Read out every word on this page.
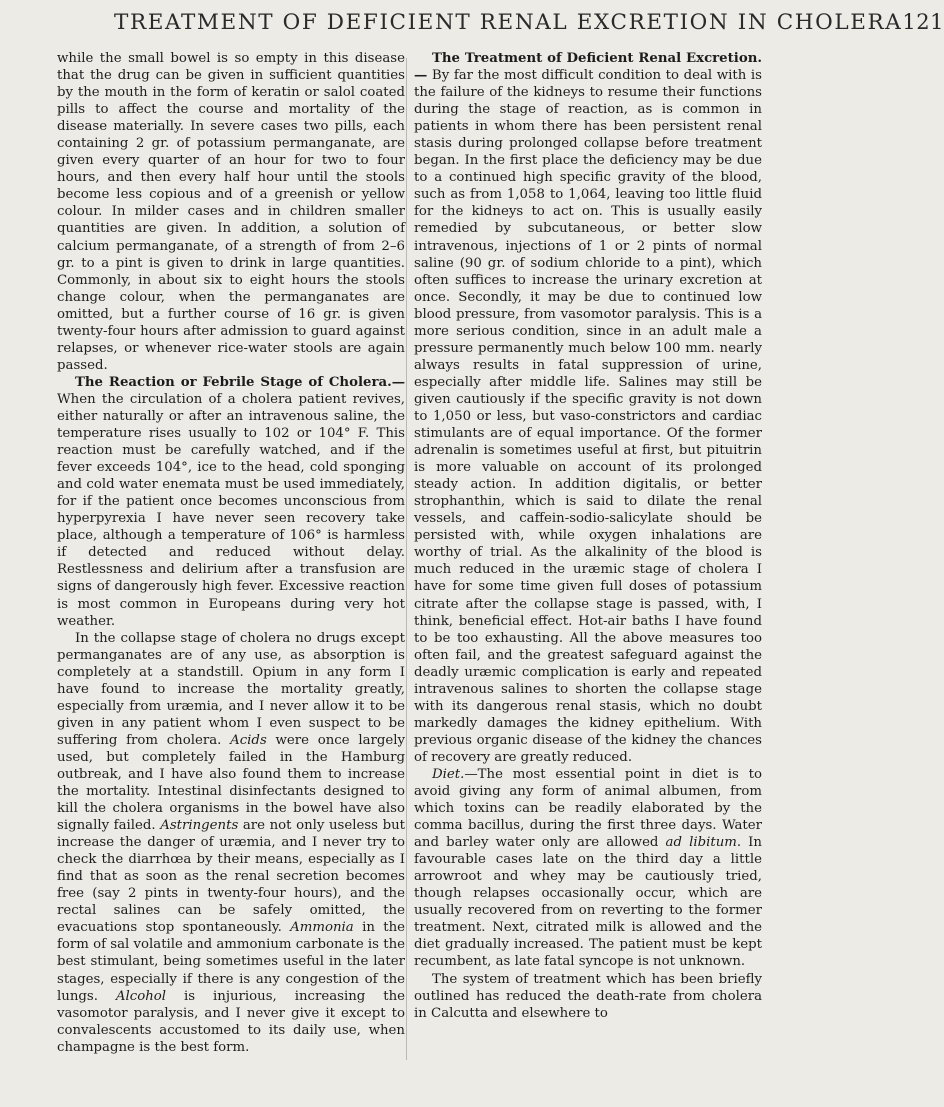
TREATMENT OF DEFICIENT RENAL EXCRETION IN CHOLERA 121

while the small bowel is so empty in this disease that the drug can be given in sufficient quantities by the mouth in the form of keratin or salol coated pills to affect the course and mortality of the disease materially. In severe cases two pills, each containing 2 gr. of potassium permanganate, are given every quarter of an hour for two to four hours, and then every half hour until the stools become less copious and of a greenish or yellow colour. In milder cases and in children smaller quantities are given. In addition, a solution of calcium permanganate, of a strength of from 2–6 gr. to a pint is given to drink in large quantities. Commonly, in about six to eight hours the stools change colour, when the permanganates are omitted, but a further course of 16 gr. is given twenty-four hours after admission to guard against relapses, or whenever rice-water stools are again passed.

The Reaction or Febrile Stage of Cholera.— When the circulation of a cholera patient revives, either naturally or after an intravenous saline, the temperature rises usually to 102 or 104° F. This reaction must be carefully watched, and if the fever exceeds 104°, ice to the head, cold sponging and cold water enemata must be used immediately, for if the patient once becomes unconscious from hyperpyrexia I have never seen recovery take place, although a temperature of 106° is harmless if detected and reduced without delay. Restlessness and delirium after a transfusion are signs of dangerously high fever. Excessive reaction is most common in Europeans during very hot weather.

In the collapse stage of cholera no drugs except permanganates are of any use, as absorption is completely at a standstill. Opium in any form I have found to increase the mortality greatly, especially from uræmia, and I never allow it to be given in any patient whom I even suspect to be suffering from cholera. Acids were once largely used, but completely failed in the Hamburg outbreak, and I have also found them to increase the mortality. Intestinal disinfectants designed to kill the cholera organisms in the bowel have also signally failed. Astringents are not only useless but increase the danger of uræmia, and I never try to check the diarrhœa by their means, especially as I find that as soon as the renal secretion becomes free (say 2 pints in twenty-four hours), and the rectal salines can be safely omitted, the evacuations stop spontaneously. Ammonia in the form of sal volatile and ammonium carbonate is the best stimulant, being sometimes useful in the later stages, especially if there is any congestion of the lungs. Alcohol is injurious, increasing the vasomotor paralysis, and I never give it except to convalescents accustomed to its daily use, when champagne is the best form.

The Treatment of Deficient Renal Excretion.— By far the most difficult condition to deal with is the failure of the kidneys to resume their functions during the stage of reaction, as is common in patients in whom there has been persistent renal stasis during prolonged collapse before treatment began. In the first place the deficiency may be due to a continued high specific gravity of the blood, such as from 1,058 to 1,064, leaving too little fluid for the kidneys to act on. This is usually easily remedied by subcutaneous, or better slow intravenous, injections of 1 or 2 pints of normal saline (90 gr. of sodium chloride to a pint), which often suffices to increase the urinary excretion at once. Secondly, it may be due to continued low blood pressure, from vasomotor paralysis. This is a more serious condition, since in an adult male a pressure permanently much below 100 mm. nearly always results in fatal suppression of urine, especially after middle life. Salines may still be given cautiously if the specific gravity is not down to 1,050 or less, but vaso-constrictors and cardiac stimulants are of equal importance. Of the former adrenalin is sometimes useful at first, but pituitrin is more valuable on account of its prolonged steady action. In addition digitalis, or better strophanthin, which is said to dilate the renal vessels, and caffein-sodio-salicylate should be persisted with, while oxygen inhalations are worthy of trial. As the alkalinity of the blood is much reduced in the uræmic stage of cholera I have for some time given full doses of potassium citrate after the collapse stage is passed, with, I think, beneficial effect. Hot-air baths I have found to be too exhausting. All the above measures too often fail, and the greatest safeguard against the deadly uræmic complication is early and repeated intravenous salines to shorten the collapse stage with its dangerous renal stasis, which no doubt markedly damages the kidney epithelium. With previous organic disease of the kidney the chances of recovery are greatly reduced.

Diet.—The most essential point in diet is to avoid giving any form of animal albumen, from which toxins can be readily elaborated by the comma bacillus, during the first three days. Water and barley water only are allowed ad libitum. In favourable cases late on the third day a little arrowroot and whey may be cautiously tried, though relapses occasionally occur, which are usually recovered from on reverting to the former treatment. Next, citrated milk is allowed and the diet gradually increased. The patient must be kept recumbent, as late fatal syncope is not unknown.

The system of treatment which has been briefly outlined has reduced the death-rate from cholera in Calcutta and elsewhere to
